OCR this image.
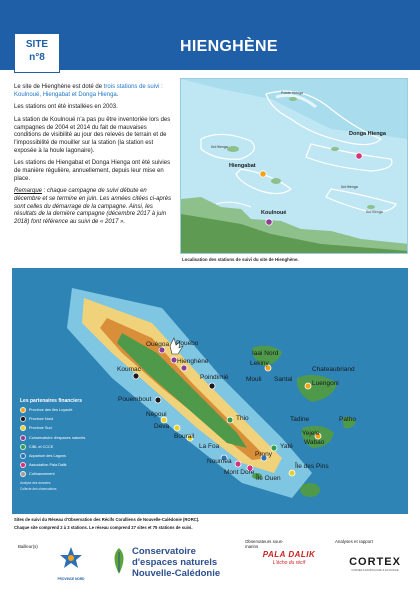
SITE
n°8
HIENGHÈNE

Le site de Hienghène est doté de trois stations de suivi : Koulnoué, Hiengabat et Donga Hienga.

Les stations ont été installées en 2003.

La station de Koulnoué n'a pas pu être inventoriée lors des campagnes de 2004 et 2014 du fait de mauvaises conditions de visibilité au jour des relevés de terrain et de l'impossibilité de mouiller sur la station (la station est exposée à la houle lagonaire).

Les stations de Hiengabat et Donga Hienga ont été suivies de manière régulière, annuellement, depuis leur mise en place.

Remarque : chaque campagne de suivi débute en décembre et se termine en juin. Les années citées ci-après sont celles du démarrage de la campagne. Ainsi, les résultats de la dernière campagne (décembre 2017 à juin 2018) font référence au suivi de « 2017 ».

Donga Hienga
Hiengabat
Koulnoué
Pointe Hienga
Ilot Hienga
Ilot Hienga
Ilot Hienga
Localisation des stations de suivi du site de Hienghène.
Ouégoa Pouébo
Koumac
Hienghène
Poindimié
Pouembout
Népoui
Deva
Bourail
La Foa
Thio
Nouméa
Mont Dore
Prony
Yaté
Île des Pins
Île Ouen
Iaai Nord
Lekiny
Mouli Santal
Chateaubriand
Luengoni
Tadine	Patho
Yejele
Wabao
Les partenaires financiers
Province des Iles Loyauté
Province Nord
Province Sud
Conservatoire d'espaces naturels
CIBL et CCCE
Aquarium des Lagons
Association Pala Dalik
Cofinancement
Analyse des données
Collecte des observations
Sites de suivi du Réseau d'Observation des Récifs Coralliens de Nouvelle-Calédonie (RORC).
Chaque site comprend 2 à 3 stations. Le réseau comprend 27 sites et 75 stations de suivi.
Bailleur(s)
PROVINCE NORD
Conservatoire
d'espaces naturels
Nouvelle-Calédonie
Observateurs sous-marins
PALA DALIK
L'écho du récif
Analyses et rapport
CORTEX
CONSEILS EN BIOLOGIE & ECOLOGIE
